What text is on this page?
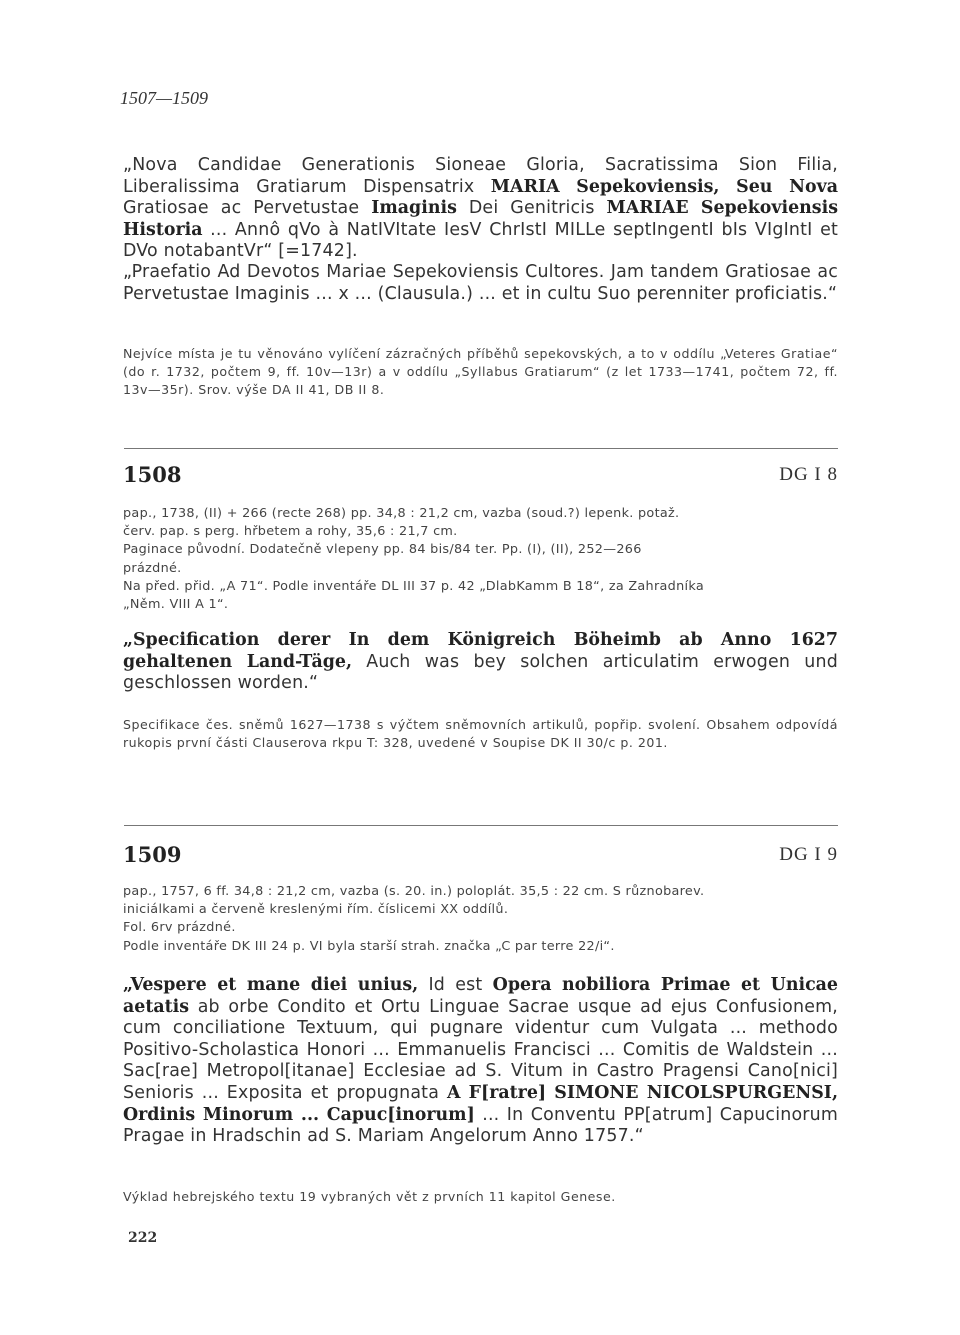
1507—1509

„Nova Candidae Generationis Sioneae Gloria, Sacratissima Sion Filia, Liberalissima Gratiarum Dispensatrix MARIA Sepekoviensis, Seu Nova Gratiosae ac Pervetustae Imaginis Dei Genitricis MARIAE Sepekoviensis Historia ... Annô qVo à NatIVItate IesV ChrIstI MILLe septIngentI bIs VIgIntI et DVo notabantVr“ [=1742].

„Praefatio Ad Devotos Mariae Sepekoviensis Cultores. Jam tandem Gratiosae ac Pervetustae Imaginis ... x ... (Clausula.) ... et in cultu Suo perenniter proficiatis.“
Nejvíce místa je tu věnováno vylíčení zázračných příběhů sepekovských, a to v oddílu „Veteres Gratiae“ (do r. 1732, počtem 9, ff. 10v—13r) a v oddílu „Syllabus Gratiarum“ (z let 1733—1741, počtem 72, ff. 13v—35r). Srov. výše DA II 41, DB II 8.
1508	DG I 8
pap., 1738, (II) + 266 (recte 268) pp. 34,8 : 21,2 cm, vazba (soud.?) lepenk. potaž.
červ. pap. s perg. hřbetem a rohy, 35,6 : 21,7 cm.
Paginace původní. Dodatečně vlepeny pp. 84 bis/84 ter. Pp. (I), (II), 252—266
prázdné.
Na před. přid. „A 71“. Podle inventáře DL III 37 p. 42 „DlabKamm B 18“, za Zahradníka
„Něm. VIII A 1“.

„Specification derer In dem Königreich Böheimb ab Anno 1627 gehaltenen Land-Täge, Auch was bey solchen articulatim erwogen und geschlossen worden.“

Specifikace čes. sněmů 1627—1738 s výčtem sněmovních artikulů, popřip. svolení. Obsahem odpovídá rukopis první části Clauserova rkpu T: 328, uvedené v Soupise DK II 30/c p. 201.
1509	DG I 9
pap., 1757, 6 ff. 34,8 : 21,2 cm, vazba (s. 20. in.) poloplát. 35,5 : 22 cm. S různobarev.
iniciálkami a červeně kreslenými řím. číslicemi XX oddílů.
Fol. 6rv prázdné.
Podle inventáře DK III 24 p. VI byla starší strah. značka „C par terre 22/i“.

„Vespere et mane diei unius, Id est Opera nobiliora Primae et Unicae aetatis ab orbe Condito et Ortu Linguae Sacrae usque ad ejus Confusionem, cum conciliatione Textuum, qui pugnare videntur cum Vulgata ... methodo Positivo-Scholastica Honori ... Emmanuelis Francisci ... Comitis de Waldstein ... Sac[rae] Metropol[itanae] Ecclesiae ad S. Vitum in Castro Pragensi Cano[nici] Senioris ... Exposita et propugnata A F[ratre] SIMONE NICOLSPURGENSI, Ordinis Minorum ... Capuc[inorum] ... In Conventu PP[atrum] Capucinorum Pragae in Hradschin ad S. Mariam Angelorum Anno 1757.“

Výklad hebrejského textu 19 vybraných vět z prvních 11 kapitol Genese.
222
